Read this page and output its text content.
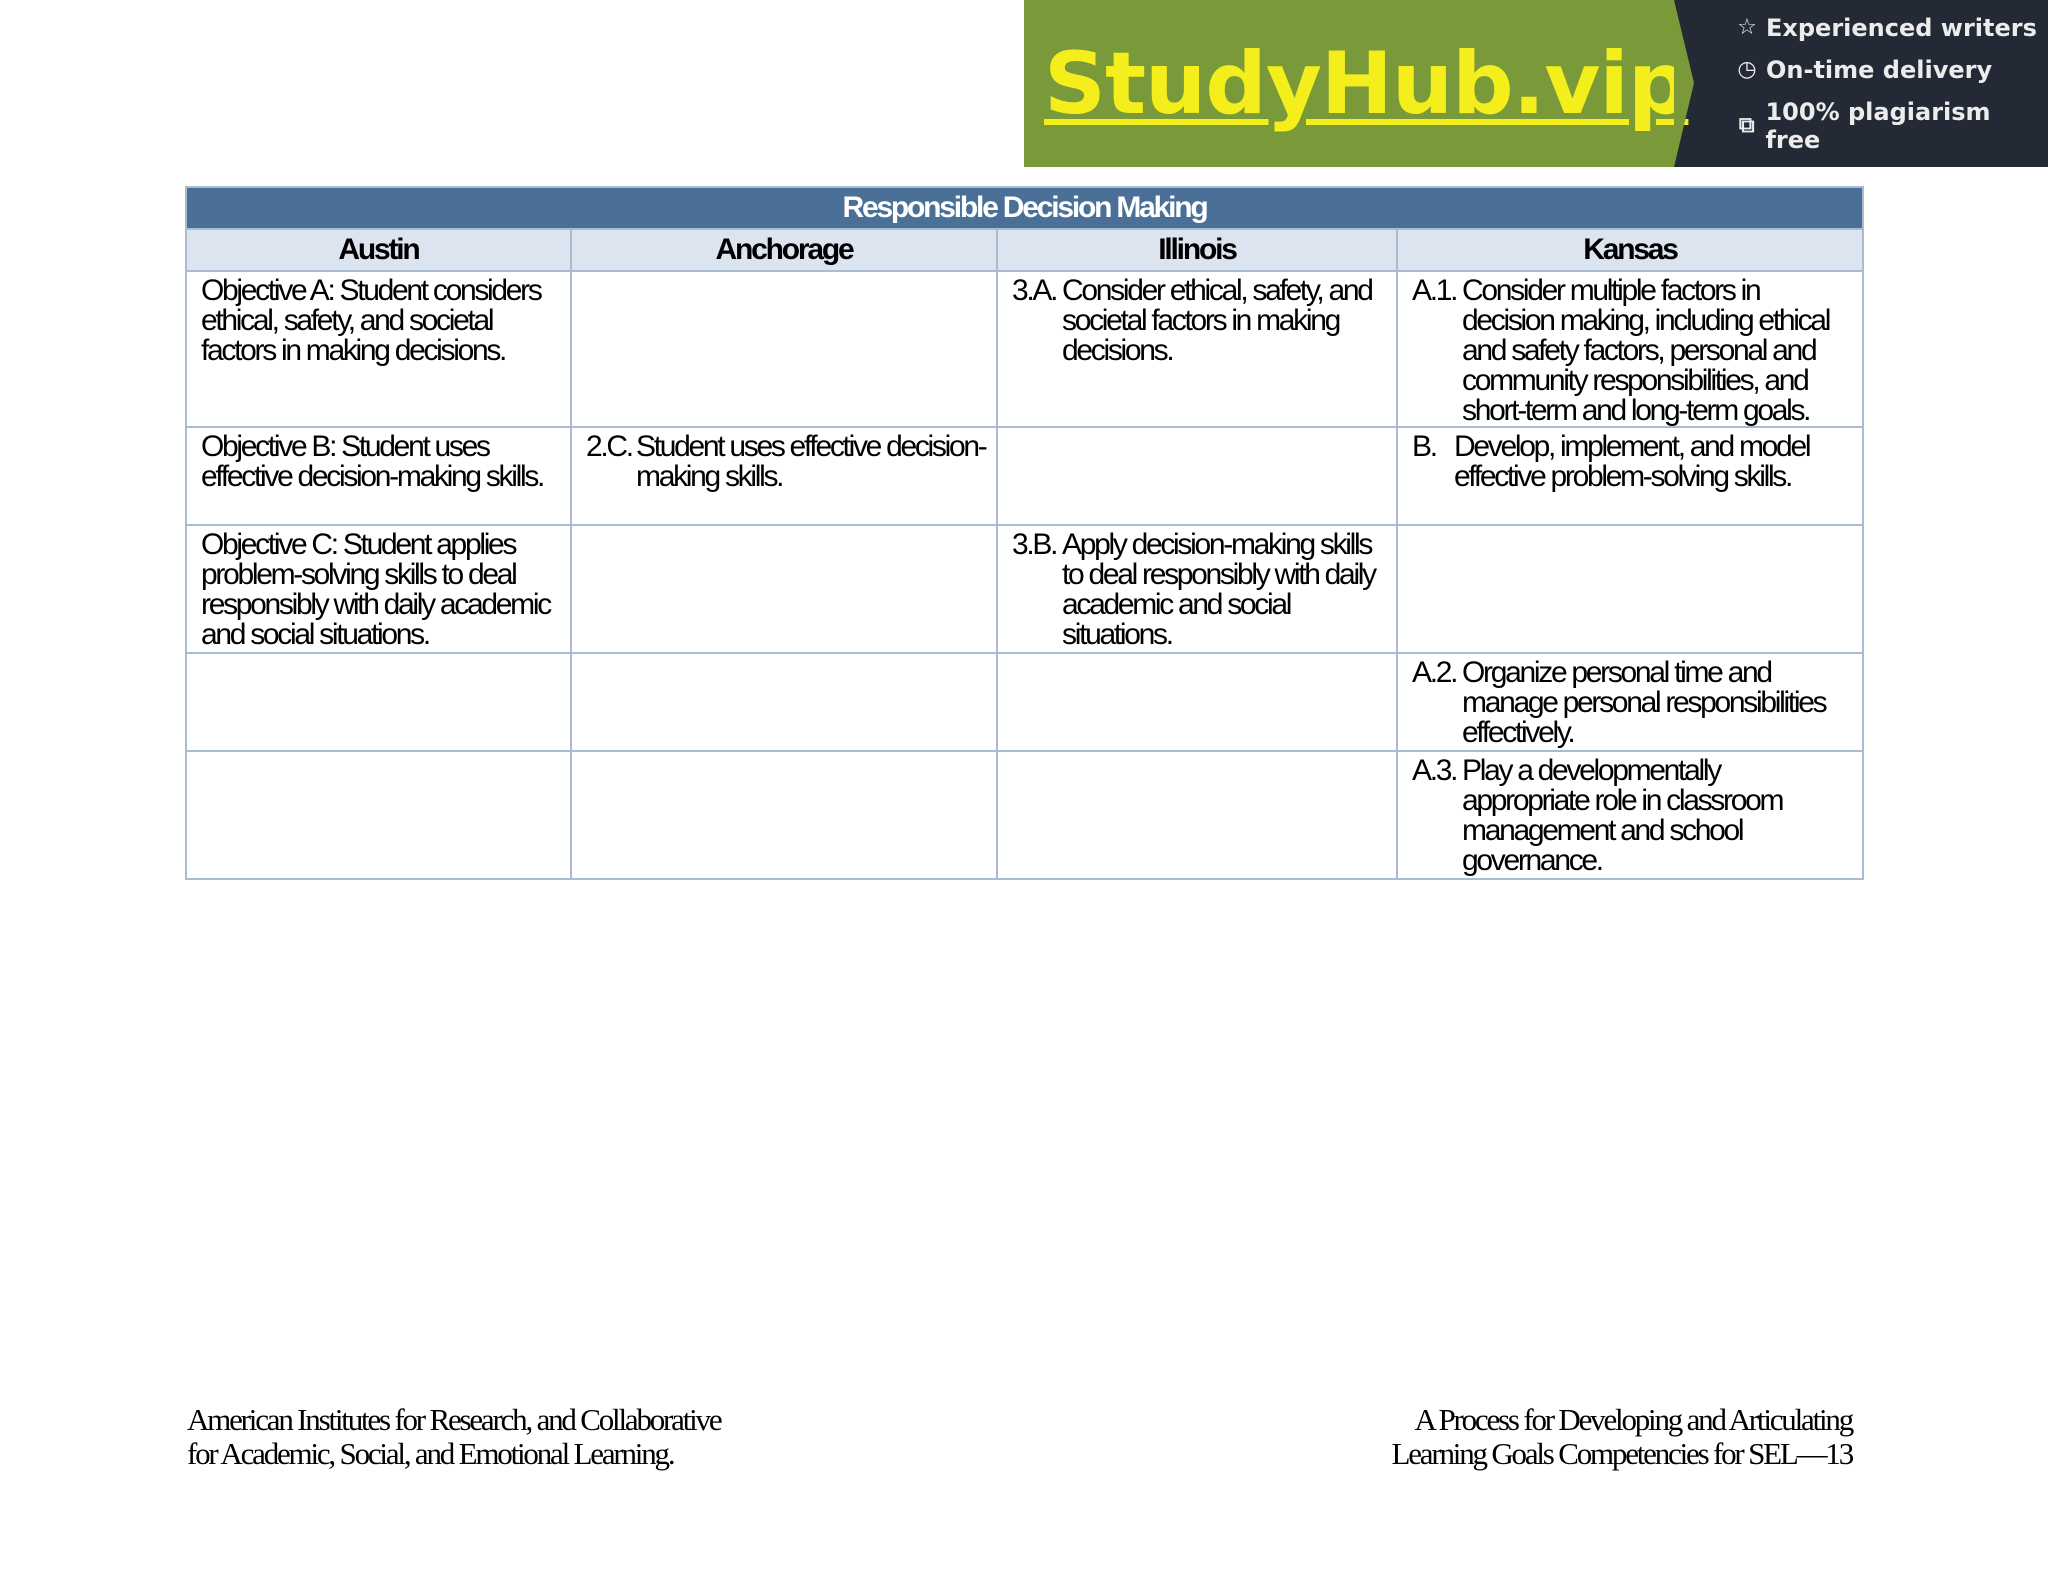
StudyHub.vip
☆ Experienced writers
◷ On-time delivery
⧉ 100% plagiarism free
Responsible Decision Making			
Austin	Anchorage	Illinois	Kansas
Objective A: Student considers ethical, safety, and societal factors in making decisions.		3.A. Consider ethical, safety, and societal factors in making decisions.	A.1. Consider multiple factors in decision making, including ethical and safety factors, personal and community responsibilities, and short-term and long-term goals.

Objective B: Student uses effective decision-making skills.	2.C. Student uses effective decision-making skills.		B. Develop, implement, and model effective problem-solving skills.

Objective C: Student applies problem-solving skills to deal responsibly with daily academic and social situations.		3.B. Apply decision-making skills to deal responsibly with daily academic and social situations.	

			A.2. Organize personal time and manage personal responsibilities effectively.

			A.3. Play a developmentally appropriate role in classroom management and school governance.
American Institutes for Research, and Collaborative
for Academic, Social, and Emotional Learning.
A Process for Developing and Articulating
Learning Goals Competencies for SEL—13
